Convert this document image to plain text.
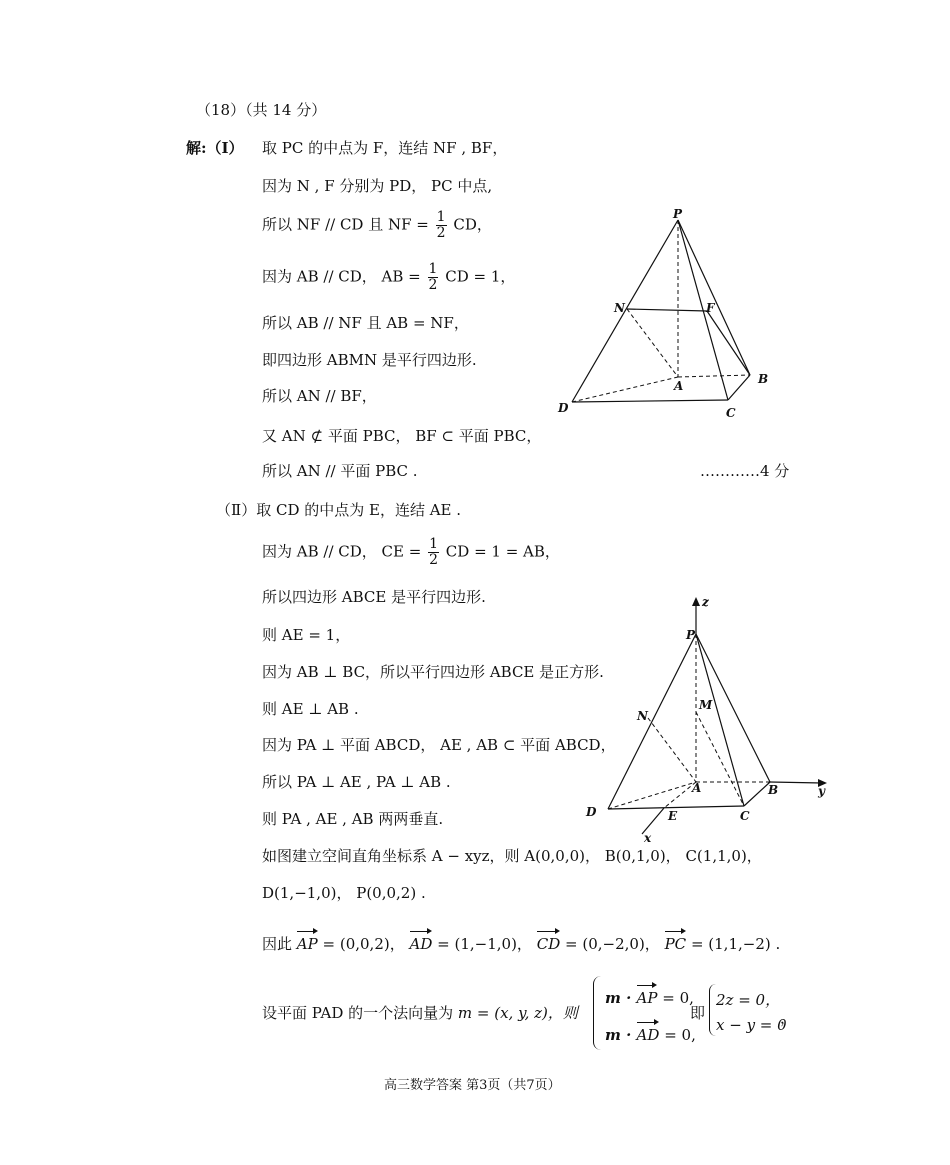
（18）（共 14 分）
解:（Ⅰ） 取 PC 的中点为 F，连结 NF , BF，
因为 N , F 分别为 PD， PC 中点,
所以 NF // CD 且 NF = $\frac{1}{2}$ CD，
因为 AB // CD， AB = $\frac{1}{2}$ CD = 1，
所以 AB // NF 且 AB = NF，
即四边形 ABMN 是平行四边形.
所以 AN // BF，
又 AN ⊄ 平面 PBC， BF ⊂ 平面 PBC，
所以 AN // 平面 PBC .	…………4 分
P
N	F
A	B
C
D
（Ⅱ）取 CD 的中点为 E，连结 AE .
因为 AB // CD， CE = $\frac{1}{2}$ CD = 1 = AB，
所以四边形 ABCE 是平行四边形.
则 AE = 1，
因为 AB ⊥ BC，所以平行四边形 ABCE 是正方形.
则 AE ⊥ AB .
因为 PA ⊥ 平面 ABCD， AE , AB ⊂ 平面 ABCD，
所以 PA ⊥ AE , PA ⊥ AB .
则 PA , AE , AB 两两垂直.
如图建立空间直角坐标系 A − xyz，则 A(0,0,0)， B(0,1,0)， C(1,1,0)，
D(1,−1,0)， P(0,0,2) .
因此 AP = (0,0,2)， AD = (1,−1,0)， CD = (0,−2,0)， PC = (1,1,−2) .
设平面 PAD 的一个法向量为 m = (x, y, z)，则
m · AP = 0,
m · AD = 0,
即
2z = 0，
x − y = 0
，
z
P
M
N
A	B	y
D	E	C
x
高三数学答案 第3页（共7页）
